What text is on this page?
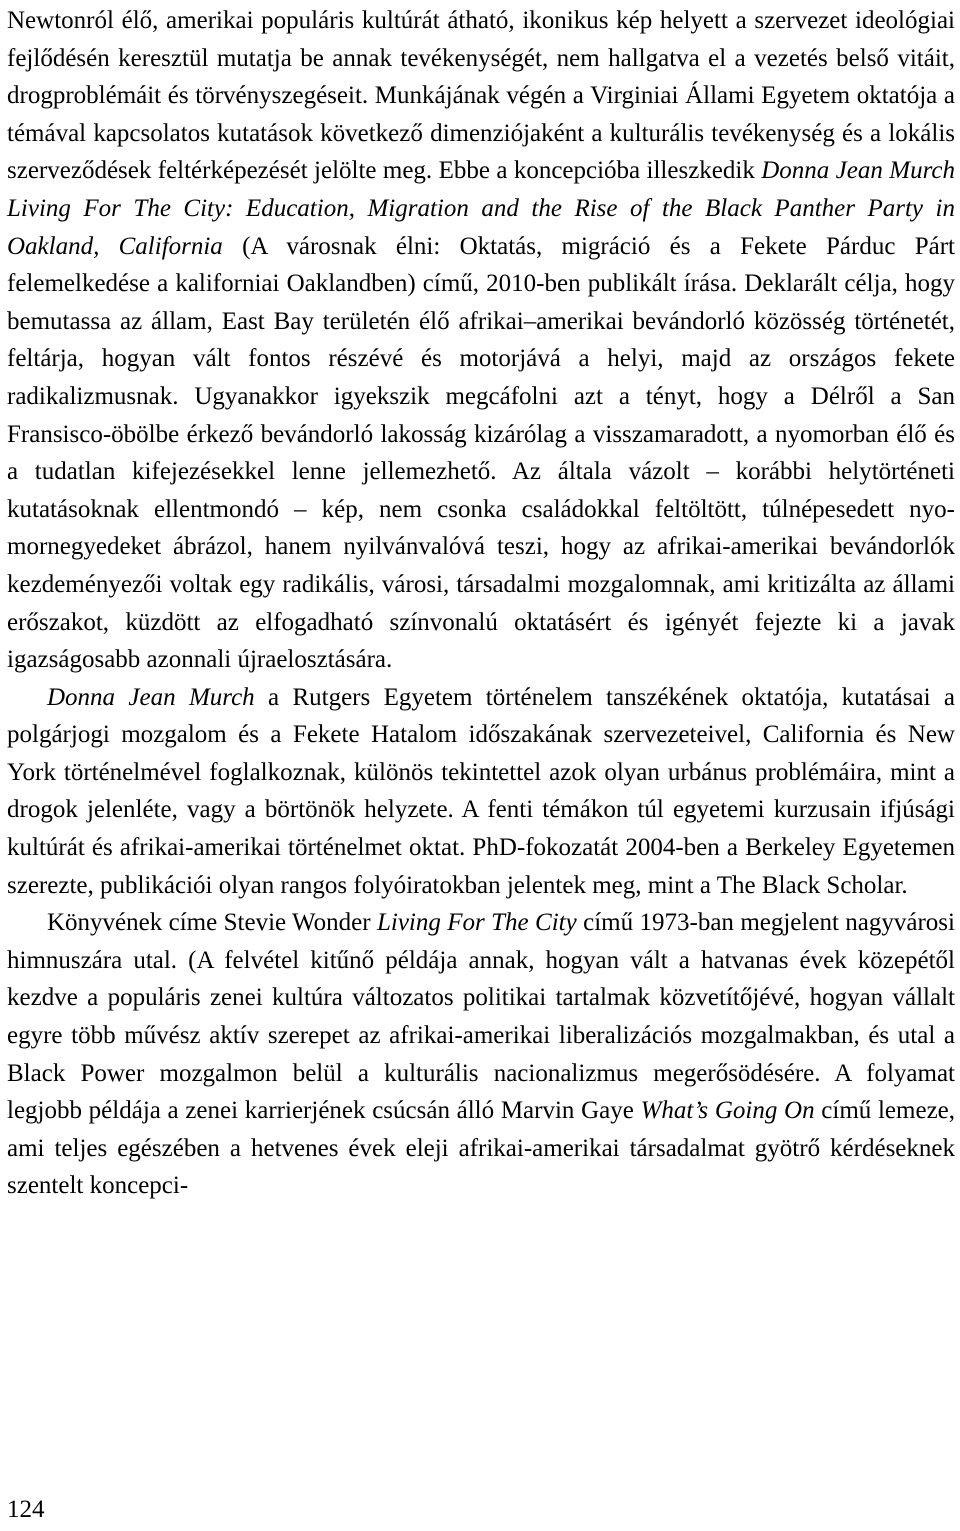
Newtonról élő, amerikai populáris kultúrát átható, ikonikus kép helyett a szervezet ideológiai fejlődésén keresztül mutatja be annak tevékenységét, nem hallgatva el a vezetés belső vitáit, drogproblémáit és törvényszegéseit. Munkájának végén a Virginiai Állami Egyetem oktatója a témával kapcsolatos kutatások következő dimenziójaként a kulturális tevékenység és a lokális szerveződések feltérképezését jelölte meg. Ebbe a koncepcióba illeszkedik Donna Jean Murch Living For The City: Education, Migration and the Rise of the Black Panther Party in Oakland, California (A városnak élni: Oktatás, migráció és a Fekete Párduc Párt felemelkedése a kaliforniai Oaklandben) című, 2010-ben publikált írása. Deklarált célja, hogy bemutassa az állam, East Bay területén élő afrikai–amerikai bevándorló közösség történetét, feltárja, hogyan vált fontos részévé és motorjává a helyi, majd az országos fekete radikalizmusnak. Ugyanakkor igyekszik megcáfolni azt a tényt, hogy a Délről a San Fransisco-öbölbe érkező bevándorló lakosság kizárólag a visszamaradott, a nyomorban élő és a tudatlan kifejezésekkel lenne jellemezhető. Az általa vázolt – korábbi helytörténeti kutatásoknak ellentmondó – kép, nem csonka családokkal feltöltött, túlnépesedett nyomornegyedeket ábrázol, hanem nyilvánvalóvá teszi, hogy az afrikai-amerikai bevándorlók kezdeményezői voltak egy radikális, városi, társadalmi mozgalomnak, ami kritizálta az állami erőszakot, küzdött az elfogadható színvonalú oktatásért és igényét fejezte ki a javak igazságosabb azonnali újraelosztására.

Donna Jean Murch a Rutgers Egyetem történelem tanszékének oktatója, kutatásai a polgárjogi mozgalom és a Fekete Hatalom időszakának szervezeteivel, California és New York történelmével foglalkoznak, különös tekintettel azok olyan urbánus problémáira, mint a drogok jelenléte, vagy a börtönök helyzete. A fenti témákon túl egyetemi kurzusain ifjúsági kultúrát és afrikai-amerikai történelmet oktat. PhD-fokozatát 2004-ben a Berkeley Egyetemen szerezte, publikációi olyan rangos folyóiratokban jelentek meg, mint a The Black Scholar.

Könyvének címe Stevie Wonder Living For The City című 1973-ban megjelent nagyvárosi himnuszára utal. (A felvétel kitűnő példája annak, hogyan vált a hatvanas évek közepétől kezdve a populáris zenei kultúra változatos politikai tartalmak közvetítőjévé, hogyan vállalt egyre több művész aktív szerepet az afrikai-amerikai liberalizációs mozgalmakban, és utal a Black Power mozgalmon belül a kulturális nacionalizmus megerősödésére. A folyamat legjobb példája a zenei karrierjének csúcsán álló Marvin Gaye What’s Going On című lemeze, ami teljes egészében a hetvenes évek eleji afrikai-amerikai társadalmat gyötrő kérdéseknek szentelt koncepci-

124
